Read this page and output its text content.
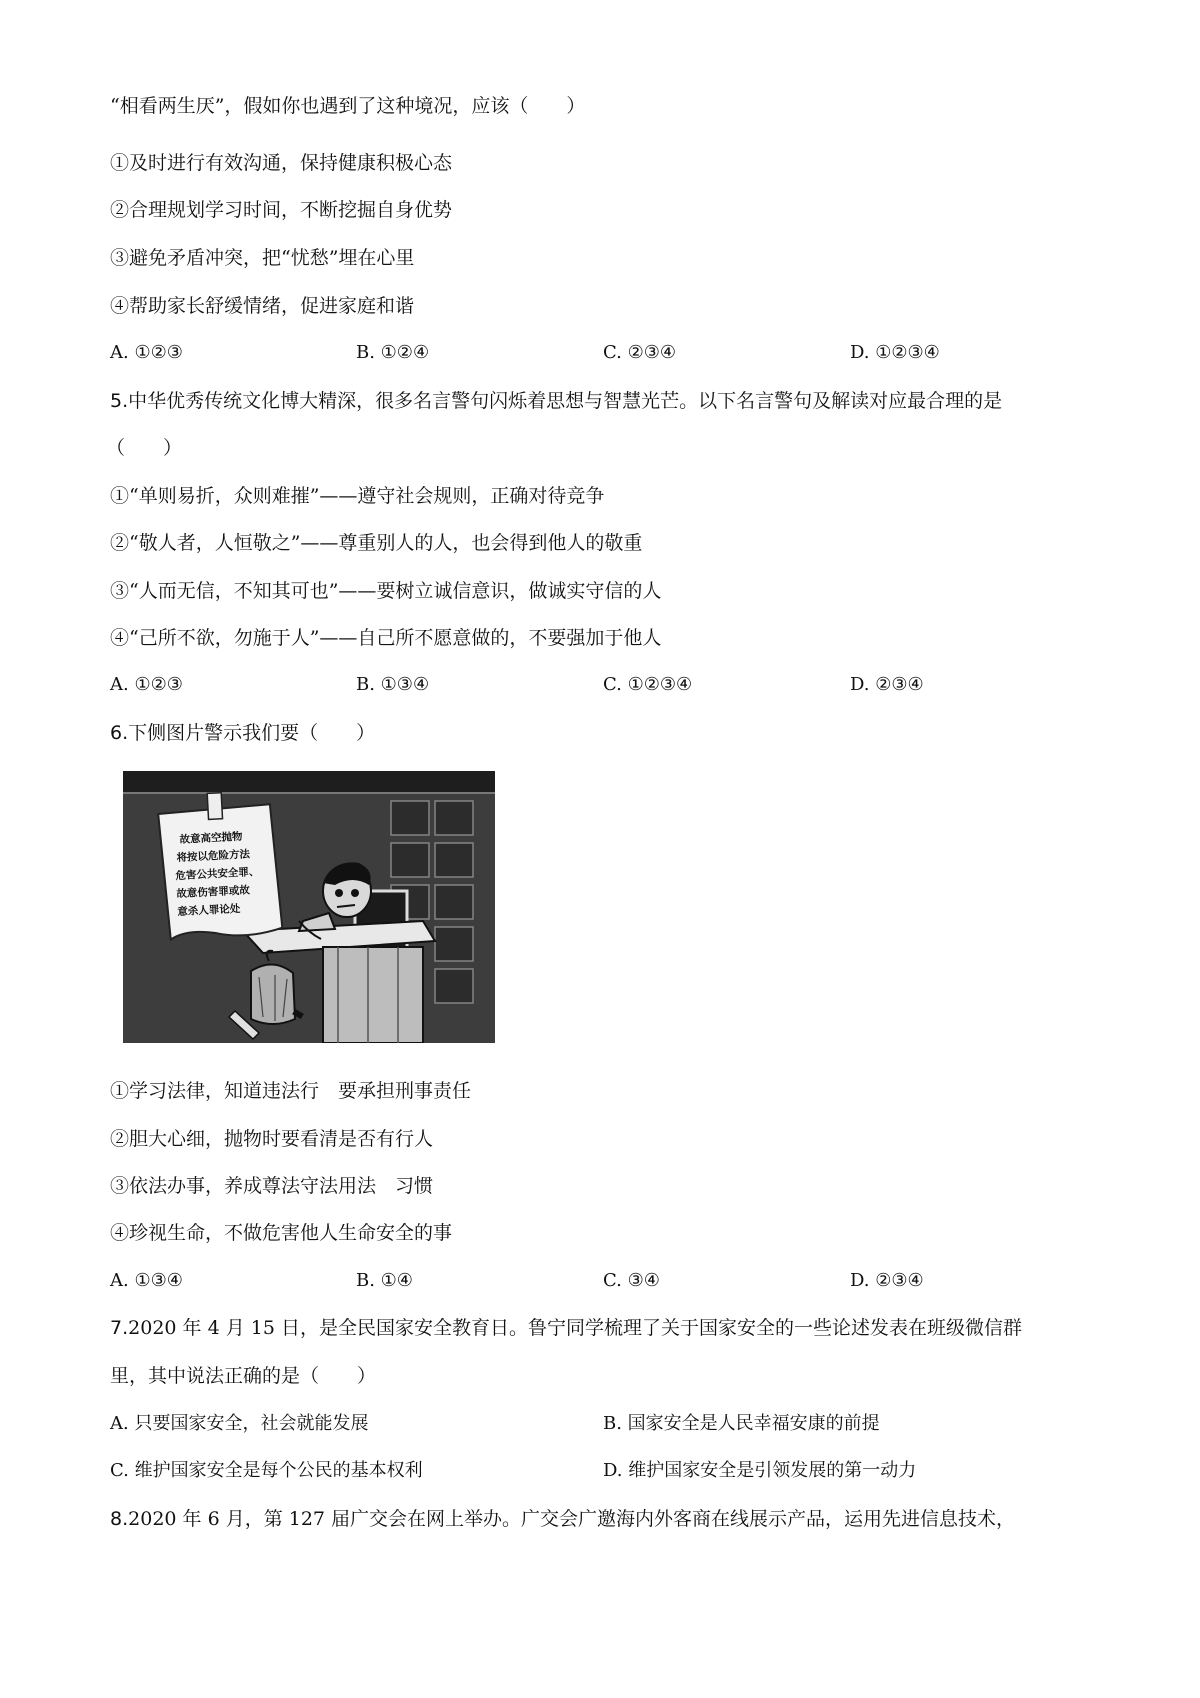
“相看两生厌”，假如你也遇到了这种境况，应该（　　）
①及时进行有效沟通，保持健康积极心态
②合理规划学习时间，不断挖掘自身优势
③避免矛盾冲突，把“忧愁”埋在心里
④帮助家长舒缓情绪，促进家庭和谐
A. ①②③	B. ①②④	C. ②③④	D. ①②③④
5.中华优秀传统文化博大精深，很多名言警句闪烁着思想与智慧光芒。以下名言警句及解读对应最合理的是
（　　）
①“单则易折，众则难摧”——遵守社会规则，正确对待竞争
②“敬人者，人恒敬之”——尊重别人的人，也会得到他人的敬重
③“人而无信，不知其可也”——要树立诚信意识，做诚实守信的人
④“己所不欲，勿施于人”——自己所不愿意做的，不要强加于他人
A. ①②③	B. ①③④	C. ①②③④	D. ②③④
6.下侧图片警示我们要（　　）
故意高空抛物
将按以危险方法
危害公共安全罪、
故意伤害罪或故
意杀人罪论处
①学习法律，知道违法行　要承担刑事责任
②胆大心细，抛物时要看清是否有行人
③依法办事，养成尊法守法用法　习惯
④珍视生命，不做危害他人生命安全的事
A. ①③④	B. ①④	C. ③④	D. ②③④
7.2020 年 4 月 15 日，是全民国家安全教育日。鲁宁同学梳理了关于国家安全的一些论述发表在班级微信群
里，其中说法正确的是（　　）
A. 只要国家安全，社会就能发展	B. 国家安全是人民幸福安康的前提
C. 维护国家安全是每个公民的基本权利	D. 维护国家安全是引领发展的第一动力
8.2020 年 6 月，第 127 届广交会在网上举办。广交会广邀海内外客商在线展示产品，运用先进信息技术，
